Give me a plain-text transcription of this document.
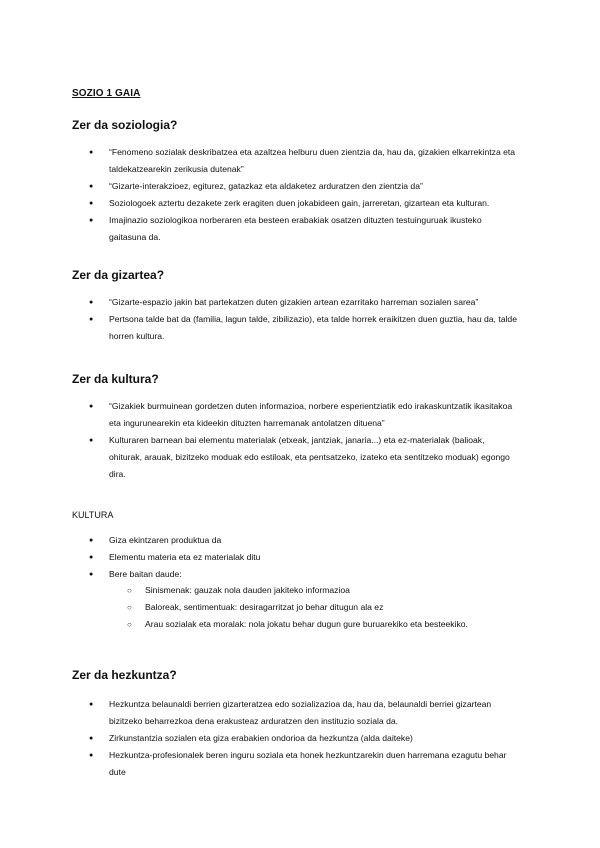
SOZIO 1 GAIA
Zer da soziologia?
● “Fenomeno sozialak deskribatzea eta azaltzea helburu duen zientzia da, hau da, gizakien elkarrekintza eta taldekatzearekin zerikusia dutenak”
● “Gizarte-interakzioez, egiturez, gatazkaz eta aldaketez arduratzen den zientzia da”
● Soziologoek aztertu dezakete zerk eragiten duen jokabideen gain, jarreretan, gizartean eta kulturan.
● Imajinazio soziologikoa norberaren eta besteen erabakiak osatzen dituzten testuinguruak ikusteko gaitasuna da.
Zer da gizartea?
● “Gizarte-espazio jakin bat partekatzen duten gizakien artean ezarritako harreman sozialen sarea”
● Pertsona talde bat da (familia, lagun talde, zibilizazio), eta talde horrek eraikitzen duen guztia, hau da, talde horren kultura.
Zer da kultura?
● “Gizakiek burmuinean gordetzen duten informazioa, norbere esperientziatik edo irakaskuntzatik ikasitakoa eta ingurunearekin eta kideekin dituzten harremanak antolatzen dituena”
● Kulturaren barnean bai elementu materialak (etxeak, jantziak, janaria...) eta ez-materialak (balioak, ohiturak, arauak, bizitzeko moduak edo estiloak, eta pentsatzeko, izateko eta sentitzeko moduak) egongo dira.
KULTURA
● Giza ekintzaren produktua da
● Elementu materia eta ez materialak ditu
● Bere baitan daude:
○ Sinismenak: gauzak nola dauden jakiteko informazioa
○ Baloreak, sentimentuak: desiragarritzat jo behar ditugun ala ez
○ Arau sozialak eta moralak: nola jokatu behar dugun gure buruarekiko eta besteekiko.
Zer da hezkuntza?
● Hezkuntza belaunaldi berrien gizarteratzea edo sozializazioa da, hau da, belaunaldi berriei gizartean bizitzeko beharrezkoa dena erakusteaz arduratzen den instituzio soziala da.
● Zirkunstantzia sozialen eta giza erabakien ondorioa da hezkuntza (alda daiteke)
● Hezkuntza-profesionalek beren inguru soziala eta honek hezkuntzarekin duen harremana ezagutu behar dute
